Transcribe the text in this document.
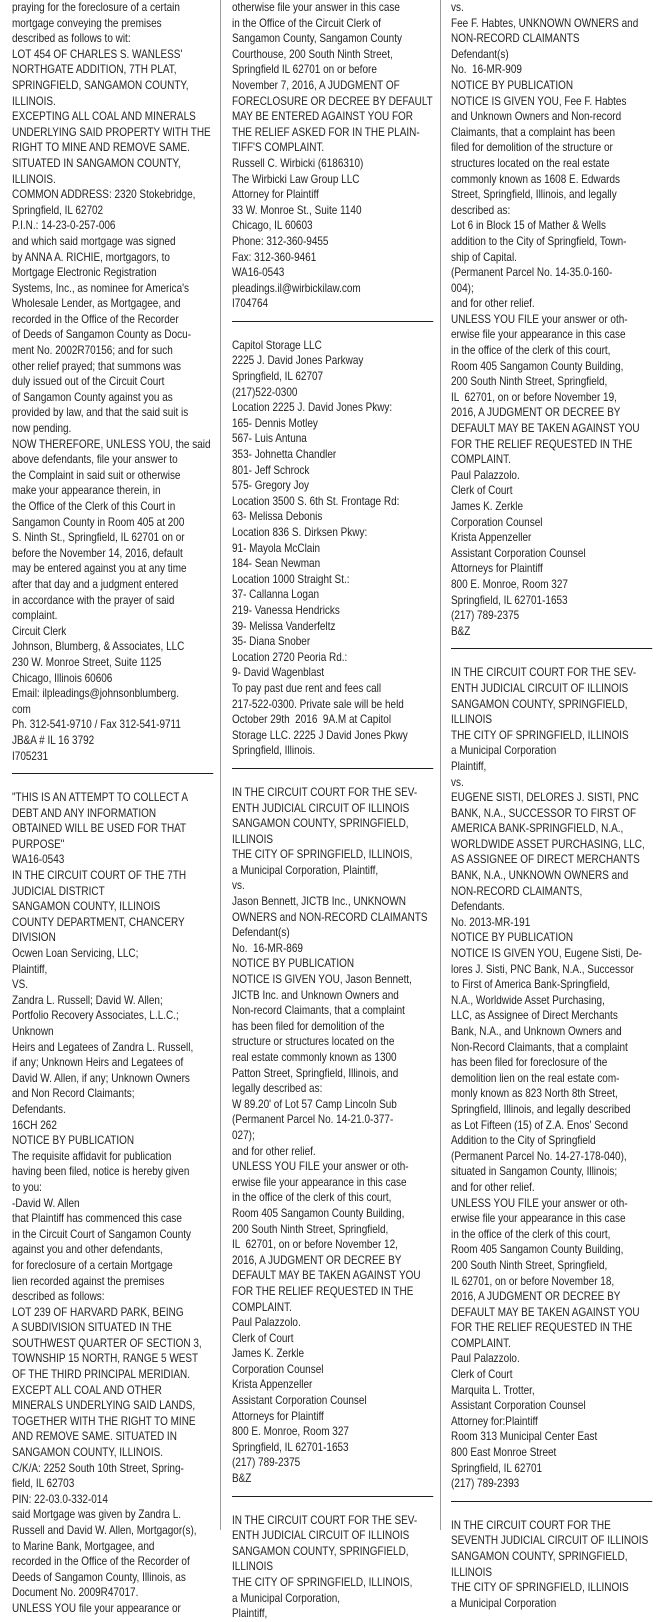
praying for the foreclosure of a certain
mortgage conveying the premises
described as follows to wit:
LOT 454 OF CHARLES S. WANLESS'
NORTHGATE ADDITION, 7TH PLAT,
SPRINGFIELD, SANGAMON COUNTY,
ILLINOIS.
EXCEPTING ALL COAL AND MINERALS
UNDERLYING SAID PROPERTY WITH THE
RIGHT TO MINE AND REMOVE SAME.
SITUATED IN SANGAMON COUNTY,
ILLINOIS.
COMMON ADDRESS: 2320 Stokebridge,
Springfield, IL 62702
P.I.N.: 14-23-0-257-006
and which said mortgage was signed
by ANNA A. RICHIE, mortgagors, to
Mortgage Electronic Registration
Systems, Inc., as nominee for America's
Wholesale Lender, as Mortgagee, and
recorded in the Office of the Recorder
of Deeds of Sangamon County as Docu-
ment No. 2002R70156; and for such
other relief prayed; that summons was
duly issued out of the Circuit Court
of Sangamon County against you as
provided by law, and that the said suit is
now pending.
NOW THEREFORE, UNLESS YOU, the said
above defendants, file your answer to
the Complaint in said suit or otherwise
make your appearance therein, in
the Office of the Clerk of this Court in
Sangamon County in Room 405 at 200
S. Ninth St., Springfield, IL 62701 on or
before the November 14, 2016, default
may be entered against you at any time
after that day and a judgment entered
in accordance with the prayer of said
complaint.
Circuit Clerk
Johnson, Blumberg, & Associates, LLC
230 W. Monroe Street, Suite 1125
Chicago, Illinois 60606
Email: ilpleadings@johnsonblumberg.
com
Ph. 312-541-9710 / Fax 312-541-9711
JB&A # IL 16 3792
I705231
"THIS IS AN ATTEMPT TO COLLECT A
DEBT AND ANY INFORMATION
OBTAINED WILL BE USED FOR THAT
PURPOSE"
WA16-0543
IN THE CIRCUIT COURT OF THE 7TH
JUDICIAL DISTRICT
SANGAMON COUNTY, ILLINOIS
COUNTY DEPARTMENT, CHANCERY
DIVISION
Ocwen Loan Servicing, LLC;
Plaintiff,
VS.
Zandra L. Russell; David W. Allen;
Portfolio Recovery Associates, L.L.C.;
Unknown
Heirs and Legatees of Zandra L. Russell,
if any; Unknown Heirs and Legatees of
David W. Allen, if any; Unknown Owners
and Non Record Claimants;
Defendants.
16CH 262
NOTICE BY PUBLICATION
The requisite affidavit for publication
having been filed, notice is hereby given
to you:
-David W. Allen
that Plaintiff has commenced this case
in the Circuit Court of Sangamon County
against you and other defendants,
for foreclosure of a certain Mortgage
lien recorded against the premises
described as follows:
LOT 239 OF HARVARD PARK, BEING
A SUBDIVISION SITUATED IN THE
SOUTHWEST QUARTER OF SECTION 3,
TOWNSHIP 15 NORTH, RANGE 5 WEST
OF THE THIRD PRINCIPAL MERIDIAN.
EXCEPT ALL COAL AND OTHER
MINERALS UNDERLYING SAID LANDS,
TOGETHER WITH THE RIGHT TO MINE
AND REMOVE SAME. SITUATED IN
SANGAMON COUNTY, ILLINOIS.
C/K/A: 2252 South 10th Street, Spring-
field, IL 62703
PIN: 22-03.0-332-014
said Mortgage was given by Zandra L.
Russell and David W. Allen, Mortgagor(s),
to Marine Bank, Mortgagee, and
recorded in the Office of the Recorder of
Deeds of Sangamon County, Illinois, as
Document No. 2009R47017.
UNLESS YOU file your appearance or
otherwise file your answer in this case
in the Office of the Circuit Clerk of
Sangamon County, Sangamon County
Courthouse, 200 South Ninth Street,
Springfield IL 62701 on or before
November 7, 2016, A JUDGMENT OF
FORECLOSURE OR DECREE BY DEFAULT
MAY BE ENTERED AGAINST YOU FOR
THE RELIEF ASKED FOR IN THE PLAIN-
TIFF'S COMPLAINT.
Russell C. Wirbicki (6186310)
The Wirbicki Law Group LLC
Attorney for Plaintiff
33 W. Monroe St., Suite 1140
Chicago, IL 60603
Phone: 312-360-9455
Fax: 312-360-9461
WA16-0543
pleadings.il@wirbickilaw.com
I704764
Capitol Storage LLC
2225 J. David Jones Parkway
Springfield, IL 62707
(217)522-0300
Location 2225 J. David Jones Pkwy:
165- Dennis Motley
567- Luis Antuna
353- Johnetta Chandler
801- Jeff Schrock
575- Gregory Joy
Location 3500 S. 6th St. Frontage Rd:
63- Melissa Debonis
Location 836 S. Dirksen Pkwy:
91- Mayola McClain
184- Sean Newman
Location 1000 Straight St.:
37- Callanna Logan
219- Vanessa Hendricks
39- Melissa Vanderfeltz
35- Diana Snober
Location 2720 Peoria Rd.:
9- David Wagenblast
To pay past due rent and fees call
217-522-0300. Private sale will be held
October 29th  2016  9A.M at Capitol
Storage LLC. 2225 J David Jones Pkwy
Springfield, Illinois.
IN THE CIRCUIT COURT FOR THE SEV-
ENTH JUDICIAL CIRCUIT OF ILLINOIS
SANGAMON COUNTY, SPRINGFIELD,
ILLINOIS
THE CITY OF SPRINGFIELD, ILLINOIS,
a Municipal Corporation, Plaintiff,
vs.
Jason Bennett, JICTB Inc., UNKNOWN
OWNERS and NON-RECORD CLAIMANTS
Defendant(s)
No.  16-MR-869
NOTICE BY PUBLICATION
NOTICE IS GIVEN YOU, Jason Bennett,
JICTB Inc. and Unknown Owners and
Non-record Claimants, that a complaint
has been filed for demolition of the
structure or structures located on the
real estate commonly known as 1300
Patton Street, Springfield, Illinois, and
legally described as:
W 89.20' of Lot 57 Camp Lincoln Sub
(Permanent Parcel No. 14-21.0-377-
027);
and for other relief.
UNLESS YOU FILE your answer or oth-
erwise file your appearance in this case
in the office of the clerk of this court,
Room 405 Sangamon County Building,
200 South Ninth Street, Springfield,
IL  62701, on or before November 12,
2016, A JUDGMENT OR DECREE BY
DEFAULT MAY BE TAKEN AGAINST YOU
FOR THE RELIEF REQUESTED IN THE
COMPLAINT.
Paul Palazzolo.
Clerk of Court
James K. Zerkle
Corporation Counsel
Krista Appenzeller
Assistant Corporation Counsel
Attorneys for Plaintiff
800 E. Monroe, Room 327
Springfield, IL 62701-1653
(217) 789-2375
B&Z
IN THE CIRCUIT COURT FOR THE SEV-
ENTH JUDICIAL CIRCUIT OF ILLINOIS
SANGAMON COUNTY, SPRINGFIELD,
ILLINOIS
THE CITY OF SPRINGFIELD, ILLINOIS,
a Municipal Corporation,
Plaintiff,
vs.
Fee F. Habtes, UNKNOWN OWNERS and
NON-RECORD CLAIMANTS
Defendant(s)
No.  16-MR-909
NOTICE BY PUBLICATION
NOTICE IS GIVEN YOU, Fee F. Habtes
and Unknown Owners and Non-record
Claimants, that a complaint has been
filed for demolition of the structure or
structures located on the real estate
commonly known as 1608 E. Edwards
Street, Springfield, Illinois, and legally
described as:
Lot 6 in Block 15 of Mather & Wells
addition to the City of Springfield, Town-
ship of Capital.
(Permanent Parcel No. 14-35.0-160-
004);
and for other relief.
UNLESS YOU FILE your answer or oth-
erwise file your appearance in this case
in the office of the clerk of this court,
Room 405 Sangamon County Building,
200 South Ninth Street, Springfield,
IL  62701, on or before November 19,
2016, A JUDGMENT OR DECREE BY
DEFAULT MAY BE TAKEN AGAINST YOU
FOR THE RELIEF REQUESTED IN THE
COMPLAINT.
Paul Palazzolo.
Clerk of Court
James K. Zerkle
Corporation Counsel
Krista Appenzeller
Assistant Corporation Counsel
Attorneys for Plaintiff
800 E. Monroe, Room 327
Springfield, IL 62701-1653
(217) 789-2375
B&Z
IN THE CIRCUIT COURT FOR THE SEV-
ENTH JUDICIAL CIRCUIT OF ILLINOIS
SANGAMON COUNTY, SPRINGFIELD,
ILLINOIS
THE CITY OF SPRINGFIELD, ILLINOIS
a Municipal Corporation
Plaintiff,
vs.
EUGENE SISTI, DELORES J. SISTI, PNC
BANK, N.A., SUCCESSOR TO FIRST OF
AMERICA BANK-SPRINGFIELD, N.A.,
WORLDWIDE ASSET PURCHASING, LLC,
AS ASSIGNEE OF DIRECT MERCHANTS
BANK, N.A., UNKNOWN OWNERS and
NON-RECORD CLAIMANTS,
Defendants.
No. 2013-MR-191
NOTICE BY PUBLICATION
NOTICE IS GIVEN YOU, Eugene Sisti, De-
lores J. Sisti, PNC Bank, N.A., Successor
to First of America Bank-Springfield,
N.A., Worldwide Asset Purchasing,
LLC, as Assignee of Direct Merchants
Bank, N.A., and Unknown Owners and
Non-Record Claimants, that a complaint
has been filed for foreclosure of the
demolition lien on the real estate com-
monly known as 823 North 8th Street,
Springfield, Illinois, and legally described
as Lot Fifteen (15) of Z.A. Enos' Second
Addition to the City of Springfield
(Permanent Parcel No. 14-27-178-040),
situated in Sangamon County, Illinois;
and for other relief.
UNLESS YOU FILE your answer or oth-
erwise file your appearance in this case
in the office of the clerk of this court,
Room 405 Sangamon County Building,
200 South Ninth Street, Springfield,
IL 62701, on or before November 18,
2016, A JUDGMENT OR DECREE BY
DEFAULT MAY BE TAKEN AGAINST YOU
FOR THE RELIEF REQUESTED IN THE
COMPLAINT.
Paul Palazzolo.
Clerk of Court
Marquita L. Trotter,
Assistant Corporation Counsel
Attorney for:Plaintiff
Room 313 Municipal Center East
800 East Monroe Street
Springfield, IL 62701
(217) 789-2393
IN THE CIRCUIT COURT FOR THE
SEVENTH JUDICIAL CIRCUIT OF ILLINOIS
SANGAMON COUNTY, SPRINGFIELD,
ILLINOIS
THE CITY OF SPRINGFIELD, ILLINOIS
a Municipal Corporation
